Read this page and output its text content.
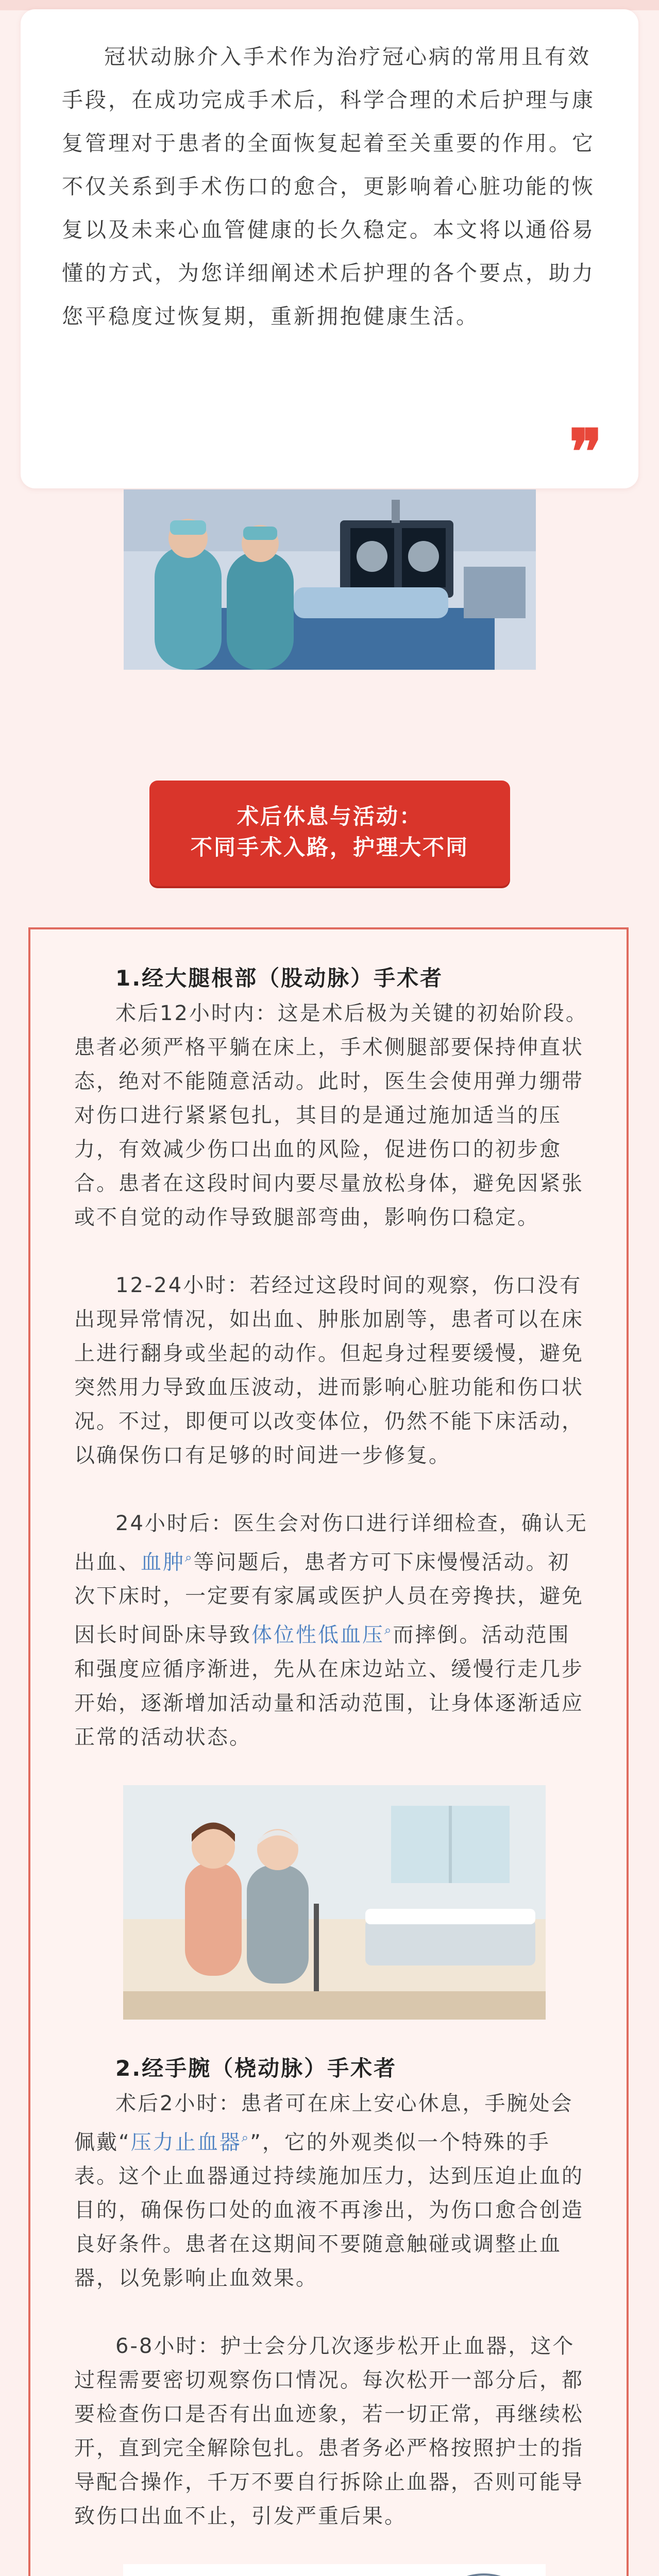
冠状动脉介入手术作为治疗冠心病的常用且有效手段，在成功完成手术后，科学合理的术后护理与康复管理对于患者的全面恢复起着至关重要的作用。它不仅关系到手术伤口的愈合，更影响着心脏功能的恢复以及未来心血管健康的长久稳定。本文将以通俗易懂的方式，为您详细阐述术后护理的各个要点，助力您平稳度过恢复期，重新拥抱健康生活。

❞
术后休息与活动：
不同手术入路，护理大不同
1.经大腿根部（股动脉）手术者

术后12小时内：这是术后极为关键的初始阶段。患者必须严格平躺在床上，手术侧腿部要保持伸直状态，绝对不能随意活动。此时，医生会使用弹力绷带对伤口进行紧紧包扎，其目的是通过施加适当的压力，有效减少伤口出血的风险，促进伤口的初步愈合。患者在这段时间内要尽量放松身体，避免因紧张或不自觉的动作导致腿部弯曲，影响伤口稳定。

12-24小时：若经过这段时间的观察，伤口没有出现异常情况，如出血、肿胀加剧等，患者可以在床上进行翻身或坐起的动作。但起身过程要缓慢，避免突然用力导致血压波动，进而影响心脏功能和伤口状况。不过，即便可以改变体位，仍然不能下床活动，以确保伤口有足够的时间进一步修复。

24小时后：医生会对伤口进行详细检查，确认无出血、血肿⌕等问题后，患者方可下床慢慢活动。初次下床时，一定要有家属或医护人员在旁搀扶，避免因长时间卧床导致体位性低血压⌕而摔倒。活动范围和强度应循序渐进，先从在床边站立、缓慢行走几步开始，逐渐增加活动量和活动范围，让身体逐渐适应正常的活动状态。

2.经手腕（桡动脉）手术者

术后2小时：患者可在床上安心休息，手腕处会佩戴“压力止血器⌕”，它的外观类似一个特殊的手表。这个止血器通过持续施加压力，达到压迫止血的目的，确保伤口处的血液不再渗出，为伤口愈合创造良好条件。患者在这期间不要随意触碰或调整止血器，以免影响止血效果。

6-8小时：护士会分几次逐步松开止血器，这个过程需要密切观察伤口情况。每次松开一部分后，都要检查伤口是否有出血迹象，若一切正常，再继续松开，直到完全解除包扎。患者务必严格按照护士的指导配合操作，千万不要自行拆除止血器，否则可能导致伤口出血不止，引发严重后果。
